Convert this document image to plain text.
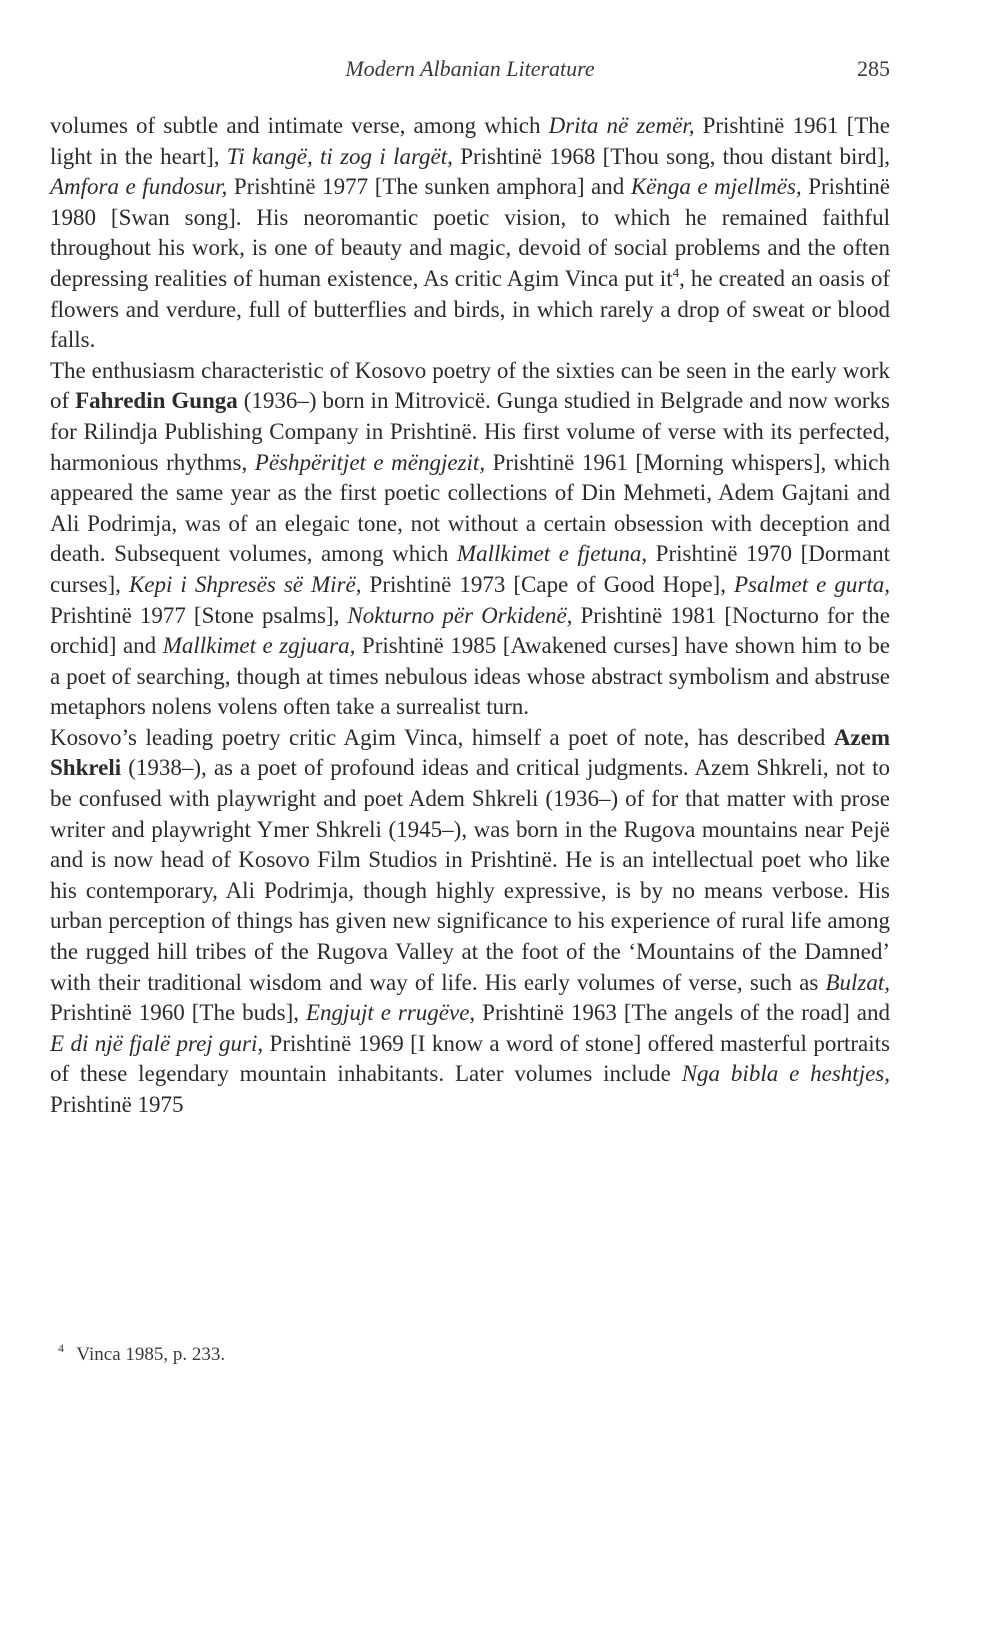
Modern Albanian Literature	285

volumes of subtle and intimate verse, among which Drita në zemër, Prishtinë 1961 [The light in the heart], Ti kangë, ti zog i largët, Prishtinë 1968 [Thou song, thou distant bird], Amfora e fundosur, Prishtinë 1977 [The sunken amphora] and Kënga e mjellmës, Prishtinë 1980 [Swan song]. His neoromantic poetic vision, to which he remained faithful throughout his work, is one of beauty and magic, devoid of social problems and the often depressing realities of human existence, As critic Agim Vinca put $it^4$, he created an oasis of flowers and verdure, full of butterflies and birds, in which rarely a drop of sweat or blood falls.

The enthusiasm characteristic of Kosovo poetry of the sixties can be seen in the early work of Fahredin Gunga (1936–) born in Mitrovicë. Gunga studied in Belgrade and now works for Rilindja Publishing Company in Prishtinë. His first volume of verse with its perfected, harmonious rhythms, Pëshpëritjet e mëngjezit, Prishtinë 1961 [Morning whispers], which appeared the same year as the first poetic collections of Din Mehmeti, Adem Gajtani and Ali Podrimja, was of an elegaic tone, not without a certain obsession with deception and death. Subsequent volumes, among which Mallkimet e fjetuna, Prishtinë 1970 [Dormant curses], Kepi i Shpresës së Mirë, Prishtinë 1973 [Cape of Good Hope], Psalmet e gurta, Prishtinë 1977 [Stone psalms], Nokturno për Orkidenë, Prishtinë 1981 [Nocturno for the orchid] and Mallkimet e zgjuara, Prishtinë 1985 [Awakened curses] have shown him to be a poet of searching, though at times nebulous ideas whose abstract symbolism and abstruse metaphors nolens volens often take a surrealist turn.

Kosovo’s leading poetry critic Agim Vinca, himself a poet of note, has described Azem Shkreli (1938–), as a poet of profound ideas and critical judgments. Azem Shkreli, not to be confused with playwright and poet Adem Shkreli (1936–) of for that matter with prose writer and playwright Ymer Shkreli (1945–), was born in the Rugova mountains near Pejë and is now head of Kosovo Film Studios in Prishtinë. He is an intellectual poet who like his contemporary, Ali Podrimja, though highly expressive, is by no means verbose. His urban perception of things has given new significance to his experience of rural life among the rugged hill tribes of the Rugova Valley at the foot of the ‘Mountains of the Damned’ with their traditional wisdom and way of life. His early volumes of verse, such as Bulzat, Prishtinë 1960 [The buds], Engjujt e rrugëve, Prishtinë 1963 [The angels of the road] and E di një fjalë prej guri, Prishtinë 1969 [I know a word of stone] offered masterful portraits of these legendary mountain inhabitants. Later volumes include Nga bibla e heshtjes, Prishtinë 1975

4 Vinca 1985, p. 233.
